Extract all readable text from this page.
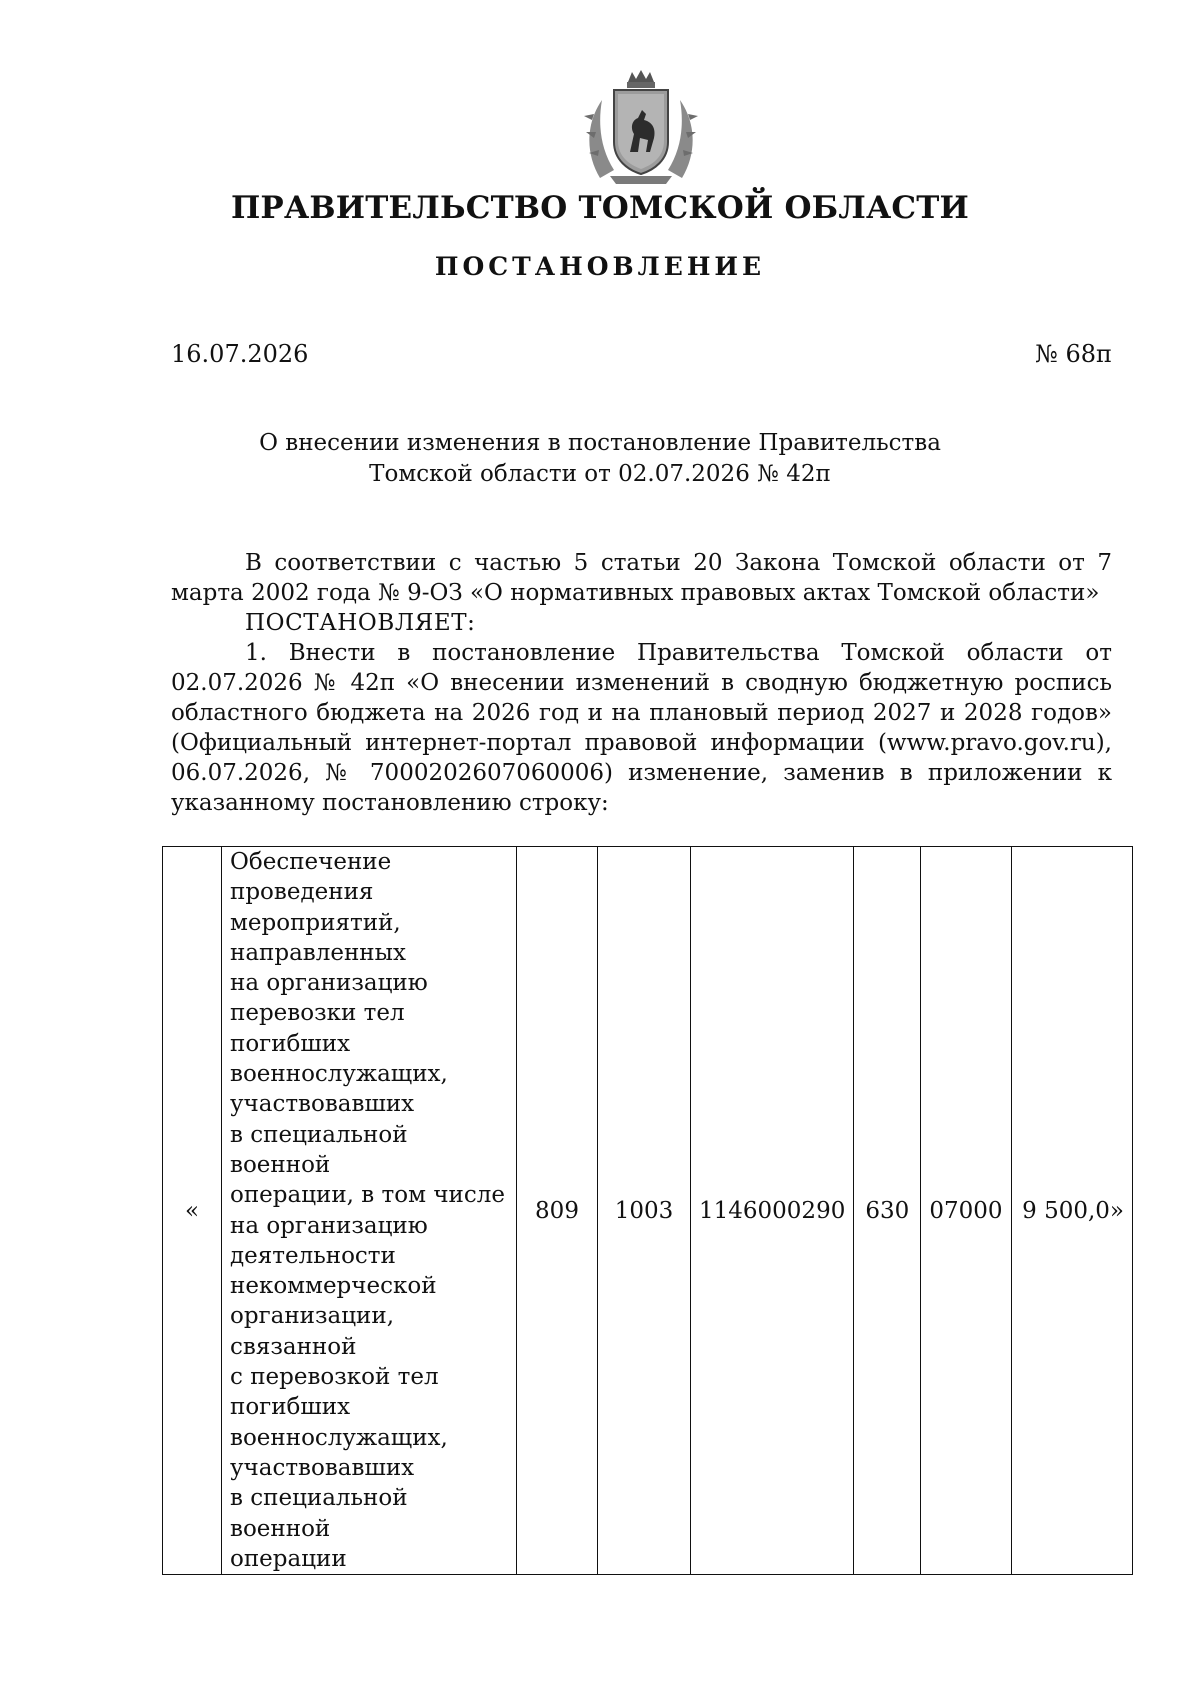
ПРАВИТЕЛЬСТВО ТОМСКОЙ ОБЛАСТИ
ПОСТАНОВЛЕНИЕ
16.07.2026	№ 68п
О внесении изменения в постановление Правительства
Томской области от 02.07.2026 № 42п

В соответствии с частью 5 статьи 20 Закона Томской области от 7 марта 2002 года № 9-ОЗ «О нормативных правовых актах Томской области»

ПОСТАНОВЛЯЕТ:

1. Внести в постановление Правительства Томской области от 02.07.2026 № 42п «О внесении изменений в сводную бюджетную роспись областного бюджета на 2026 год и на плановый период 2027 и 2028 годов» (Официальный интернет-портал правовой информации (www.pravo.gov.ru), 06.07.2026, № 7000202607060006) изменение, заменив в приложении к указанному постановлению строку:

«	Обеспечение
проведения
мероприятий,
направленных
на организацию
перевозки тел
погибших
военнослужащих,
участвовавших
в специальной военной
операции, в том числе
на организацию
деятельности
некоммерческой
организации, связанной
с перевозкой тел
погибших
военнослужащих,
участвовавших
в специальной военной
операции	809	1003	1146000290	630	07000	9 500,0»
